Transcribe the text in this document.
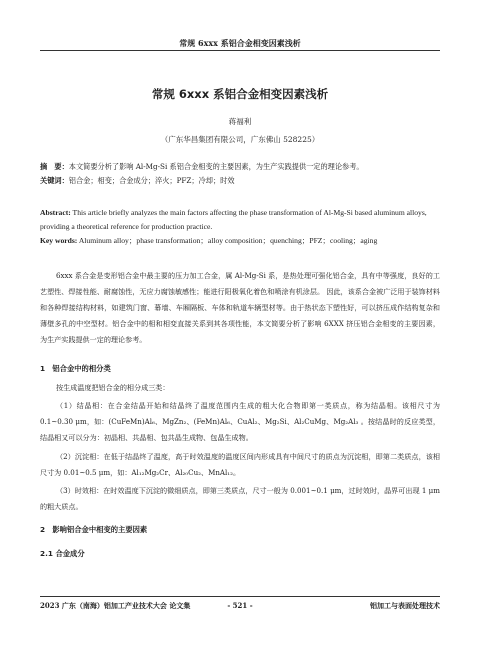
常规 6xxx 系铝合金相变因素浅析
常规 6xxx 系铝合金相变因素浅析
蒋福利
（广东华昌集团有限公司，广东佛山 528225）
摘　要：本文简要分析了影响 Al-Mg-Si 系铝合金相变的主要因素，为生产实践提供一定的理论参考。
关键词：铝合金；相变；合金成分；淬火；PFZ；冷却；时效
Abstract: This article briefly analyzes the main factors affecting the phase transformation of Al-Mg-Si based aluminum alloys,　providing a theoretical reference for production practice.
Key words: Aluminum alloy；phase transformation；alloy composition；quenching；PFZ；cooling；aging
6xxx 系合金是变形铝合金中最主要的压力加工合金，属 Al-Mg-Si 系，是热处理可强化铝合金，具有中等强度，良好的工艺塑性、焊接性能、耐腐蚀性，无应力腐蚀敏感性；能进行阳极氧化着色和喷涂有机涂层。 因此，该系合金被广泛用于装饰材料和各种焊接结构材料，如建筑门窗、幕墙、车厢隔板、车体和轨道车辆型材等。由于热状态下塑性好，可以挤压成作结构复杂和薄壁多孔的中空型材。铝合金中的相和相变直接关系到其各项性能，本文简要分析了影响 6XXX 挤压铝合金相变的主要因素，为生产实践提供一定的理论参考。
1　铝合金中的相分类
按生成温度把铝合金的相分成三类：
（1）结晶相：在合金结晶开始和结晶终了温度范围内生成的粗大化合物即第一类质点，称为结晶相。该相尺寸为 0.1~0.30 μm，如：(CuFeMn)Al₆、MgZn₂、(FeMn)Al₆、CuAl₂、Mg₂Si、Al₂CuMg、Mg₂Al₃ 。按结晶时的反应类型，结晶相又可以分为：初晶相、共晶相、包共晶生成物、包晶生成物。
（2）沉淀相：在低于结晶终了温度，高于时效温度的温度区间内形成具有中间尺寸的质点为沉淀相，即第二类质点，该相尺寸为 0.01~0.5 μm，如：Al₁₂Mg₂Cr、Al₂₀Cu₂、MnAl₁₂。
（3）时效相：在时效温度下沉淀的微细质点，即第三类质点，尺寸一般为 0.001~0.1 μm，过时效时，晶界可出现 1 μm 的粗大质点。
2　影响铝合金中相变的主要因素
2.1 合金成分
2023 广东（南海）铝加工产业技术大会 论文集	- 521 -	铝加工与表面处理技术
